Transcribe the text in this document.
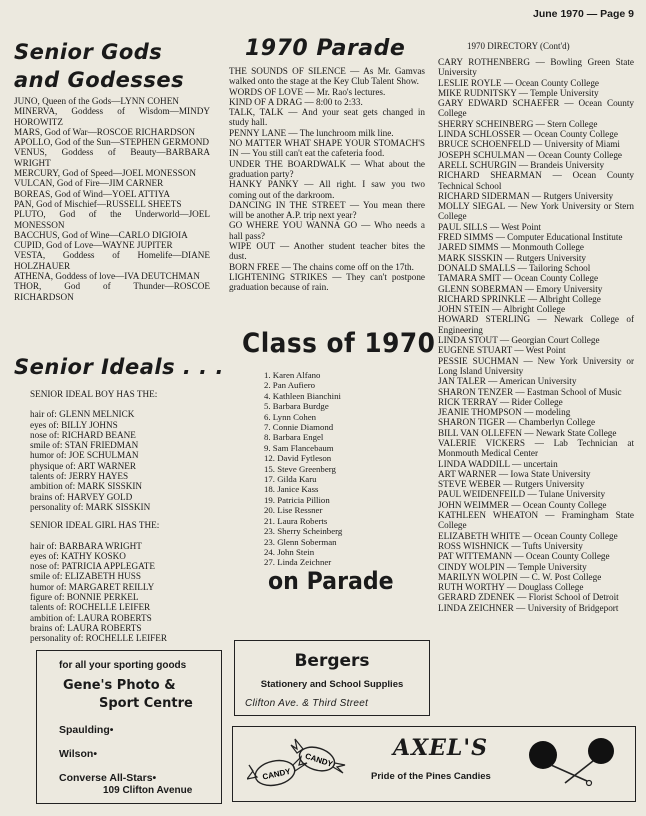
June 1970 — Page 9
Senior Gods
and Godesses

JUNO, Queen of the Gods—LYNN COHEN

MINERVA, Goddess of Wisdom—MINDY HOROWITZ

MARS, God of War—ROSCOE RICHARDSON

APOLLO, God of the Sun—STEPHEN GERMOND

VENUS, Goddess of Beauty—BARBARA WRIGHT

MERCURY, God of Speed—JOEL MONESSON

VULCAN, God of Fire—JIM CARNER

BOREAS, God of Wind—YOEL ATTIYA

PAN, God of Mischief—RUSSELL SHEETS

PLUTO, God of the Underworld—JOEL MONESSON

BACCHUS, God of Wine—CARLO DIGIOIA

CUPID, God of Love—WAYNE JUPITER

VESTA, Goddess of Homelife—DIANE HOLZHAUER

ATHENA, Goddess of love—IVA DEUTCHMAN

THOR, God of Thunder—ROSCOE RICHARDSON

Senior Ideals . . .

SENIOR IDEAL BOY HAS THE:

hair of: GLENN MELNICK

eyes of: BILLY JOHNS

nose of: RICHARD BEANE

smile of: STAN FRIEDMAN

humor of: JOE SCHULMAN

physique of: ART WARNER

talents of: JERRY HAYES

ambition of: MARK SISSKIN

brains of: HARVEY GOLD

personality of: MARK SISSKIN

SENIOR IDEAL GIRL HAS THE:

hair of: BARBARA WRIGHT

eyes of: KATHY KOSKO

nose of: PATRICIA APPLEGATE

smile of: ELIZABETH HUSS

humor of: MARGARET REILLY

figure of: BONNIE PERKEL

talents of: ROCHELLE LEIFER

ambition of: LAURA ROBERTS

brains of: LAURA ROBERTS

personality of: ROCHELLE LEIFER

for all your sporting goods
Gene's Photo &
Sport Centre
Spaulding•
Wilson•
Converse All-Stars•
109 Clifton Avenue
1970 Parade

THE SOUNDS OF SILENCE — As Mr. Gamvas walked onto the stage at the Key Club Talent Show.

WORDS OF LOVE — Mr. Rao's lectures.

KIND OF A DRAG — 8:00 to 2:33.

TALK, TALK — And your seat gets changed in study hall.

PENNY LANE — The lunchroom milk line.

NO MATTER WHAT SHAPE YOUR STOMACH'S IN — You still can't eat the cafeteria food.

UNDER THE BOARDWALK — What about the graduation party?

HANKY PANKY — All right. I saw you two coming out of the darkroom.

DANCING IN THE STREET — You mean there will be another A.P. trip next year?

GO WHERE YOU WANNA GO — Who needs a hall pass?

WIPE OUT — Another student teacher bites the dust.

BORN FREE — The chains come off on the 17th.

LIGHTENING STRIKES — They can't postpone graduation because of rain.

Class of 1970

1. Karen Alfano

2. Pan Aufiero

4. Kathleen Bianchini

5. Barbara Burdge

6. Lynn Cohen

7. Connie Diamond

8. Barbara Engel

9. Sam Flancebaum

12. David Fytleson

15. Steve Greenberg

17. Gilda Karu

18. Janice Kass

19. Patricia Pillion

20. Lise Ressner

21. Laura Roberts

23. Sherry Scheinberg

23. Glenn Soberman

24. John Stein

27. Linda Zeichner

on Parade
Bergers
Stationery and School Supplies
Clifton Ave. & Third Street
1970 DIRECTORY (Cont'd)

CARY ROTHENBERG — Bowling Green State University

LESLIE ROYLE — Ocean County College

MIKE RUDNITSKY — Temple University

GARY EDWARD SCHAEFER — Ocean County College

SHERRY SCHEINBERG — Stern College

LINDA SCHLOSSER — Ocean County College

BRUCE SCHOENFELD — University of Miami

JOSEPH SCHULMAN — Ocean County College

ARELL SCHURGIN — Brandeis University

RICHARD SHEARMAN — Ocean County Technical School

RICHARD SIDERMAN — Rutgers University

MOLLY SIEGAL — New York University or Stern College

PAUL SILLS — West Point

FRED SIMMS — Computer Educational Institute

JARED SIMMS — Monmouth College

MARK SISSKIN — Rutgers University

DONALD SMALLS — Tailoring School

TAMARA SMIT — Ocean County College

GLENN SOBERMAN — Emory University

RICHARD SPRINKLE — Albright College

JOHN STEIN — Albright College

HOWARD STERLING — Newark College of Engineering

LINDA STOUT — Georgian Court College

EUGENE STUART — West Point

PESSIE SUCHMAN — New York University or Long Island University

JAN TALER — American University

SHARON TENZER — Eastman School of Music

RICK TERRAY — Rider College

JEANIE THOMPSON — modeling

SHARON TIGER — Chamberlyn College

BILL VAN OLLEFEN — Newark State College

VALERIE VICKERS — Lab Technician at Monmouth Medical Center

LINDA WADDILL — uncertain

ART WARNER — Iowa State University

STEVE WEBER — Rutgers University

PAUL WEIDENFEILD — Tulane University

JOHN WEIMMER — Ocean County College

KATHLEEN WHEATON — Framingham State College

ELIZABETH WHITE — Ocean County College

ROSS WISHNICK — Tufts University

PAT WITTEMANN — Ocean County College

CINDY WOLPIN — Temple University

MARILYN WOLPIN — C. W. Post College

RUTH WORTHY — Douglass College

GERARD ZDENEK — Florist School of Detroit

LINDA ZEICHNER — University of Bridgeport

CANDY
CANDY	AXEL'S
Pride of the Pines Candies
